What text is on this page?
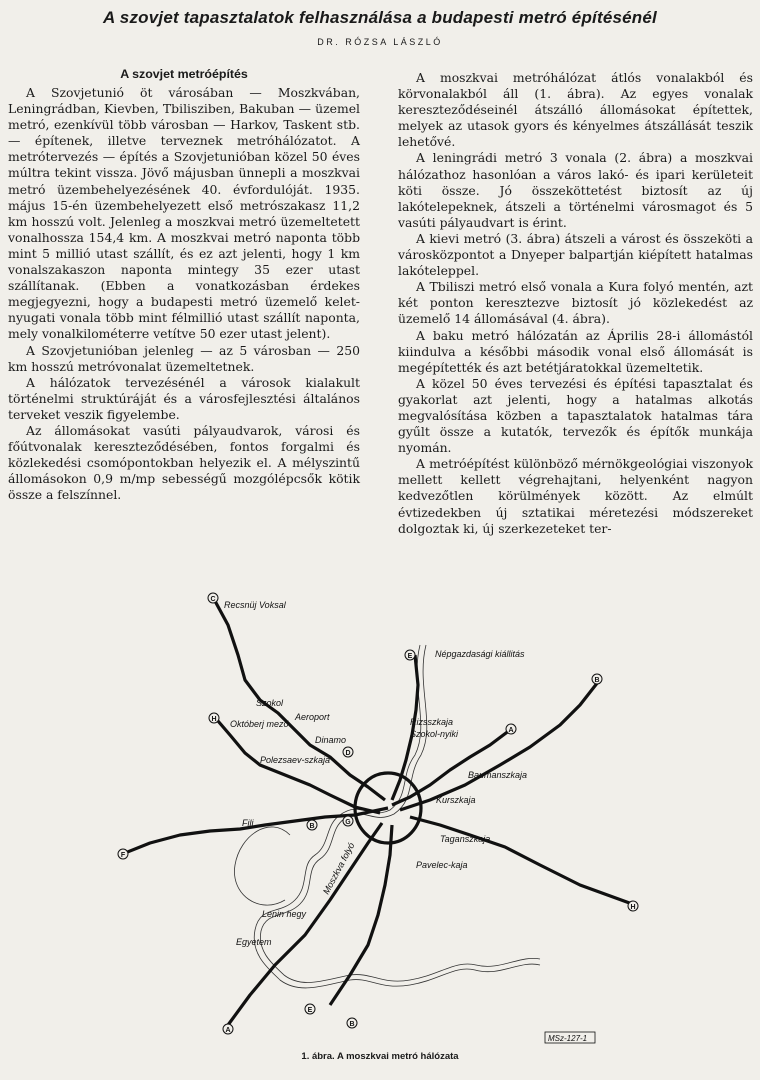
A szovjet tapasztalatok felhasználása a budapesti metró építésénél
DR. RÓZSA LÁSZLÓ
A szovjet metróépítés

A Szovjetunió öt városában — Moszkvában, Leningrádban, Kievben, Tbilisziben, Bakuban — üzemel metró, ezenkívül több városban — Harkov, Taskent stb. — építenek, illetve terveznek metróhálózatot. A metrótervezés — építés a Szovjetunióban közel 50 éves múltra tekint vissza. Jövő májusban ünnepli a moszkvai metró üzembehelyezésének 40. évfordulóját. 1935. május 15-én üzembehelyezett első metrószakasz 11,2 km hosszú volt. Jelenleg a moszkvai metró üzemeltetett vonalhossza 154,4 km. A moszkvai metró naponta több mint 5 millió utast szállít, és ez azt jelenti, hogy 1 km vonalszakaszon naponta mintegy 35 ezer utast szállítanak. (Ebben a vonatkozásban érdekes megjegyezni, hogy a budapesti metró üzemelő kelet-nyugati vonala több mint félmillió utast szállít naponta, mely vonalkilométerre vetítve 50 ezer utast jelent).

A Szovjetunióban jelenleg — az 5 városban — 250 km hosszú metróvonalat üzemeltetnek.

A hálózatok tervezésénél a városok kialakult történelmi struktúráját és a városfejlesztési általános terveket veszik figyelembe.

Az állomásokat vasúti pályaudvarok, városi és főútvonalak kereszteződésében, fontos forgalmi és közlekedési csomópontokban helyezik el. A mélyszintű állomásokon 0,9 m/mp sebességű mozgólépcsők kötik össze a felszínnel.

A moszkvai metróhálózat átlós vonalakból és körvonalakból áll (1. ábra). Az egyes vonalak kereszteződéseinél átszálló állomásokat építettek, melyek az utasok gyors és kényelmes átszállását teszik lehetővé.

A leningrádi metró 3 vonala (2. ábra) a moszkvai hálózathoz hasonlóan a város lakó- és ipari kerületeit köti össze. Jó összeköttetést biztosít az új lakótelepeknek, átszeli a történelmi városmagot és 5 vasúti pályaudvart is érint.

A kievi metró (3. ábra) átszeli a várost és összeköti a városközpontot a Dnyeper balpartján kiépített hatalmas lakóteleppel.

A Tbiliszi metró első vonala a Kura folyó mentén, azt két ponton keresztezve biztosít jó közlekedést az üzemelő 14 állomásával (4. ábra).

A baku metró hálózatán az Április 28-i állomástól kiindulva a későbbi második vonal első állomását is megépítették és azt betétjáratokkal üzemeltetik.

A közel 50 éves tervezési és építési tapasztalat és gyakorlat azt jelenti, hogy a hatalmas alkotás megvalósítása közben a tapasztalatok hatalmas tára gyűlt össze a kutatók, tervezők és építők munkája nyomán.

A metróépítést különböző mérnökgeológiai viszonyok mellett kellett végrehajtani, helyenként nagyon kedvezőtlen körülmények között. Az elmúlt évtizedekben új sztatikai méretezési módszereket dolgoztak ki, új szerkezeteket ter-

C
E
B
A
H
F
H
A
E
B
D
B
G
Recsnüj Voksal
Népgazdasági kiállitás
Szokol
Aeroport
Dinamo
Októberj mező	Rizsszkaja
Szokol-nyiki
Polezsaev-szkaja
Baumanszkaja
Kurszkaja
Fili
Taganszkaja
Pavelec-kaja
Moszkva folyó
Lenin hegy
Egyetem
MSz-127-1
1. ábra. A moszkvai metró hálózata
